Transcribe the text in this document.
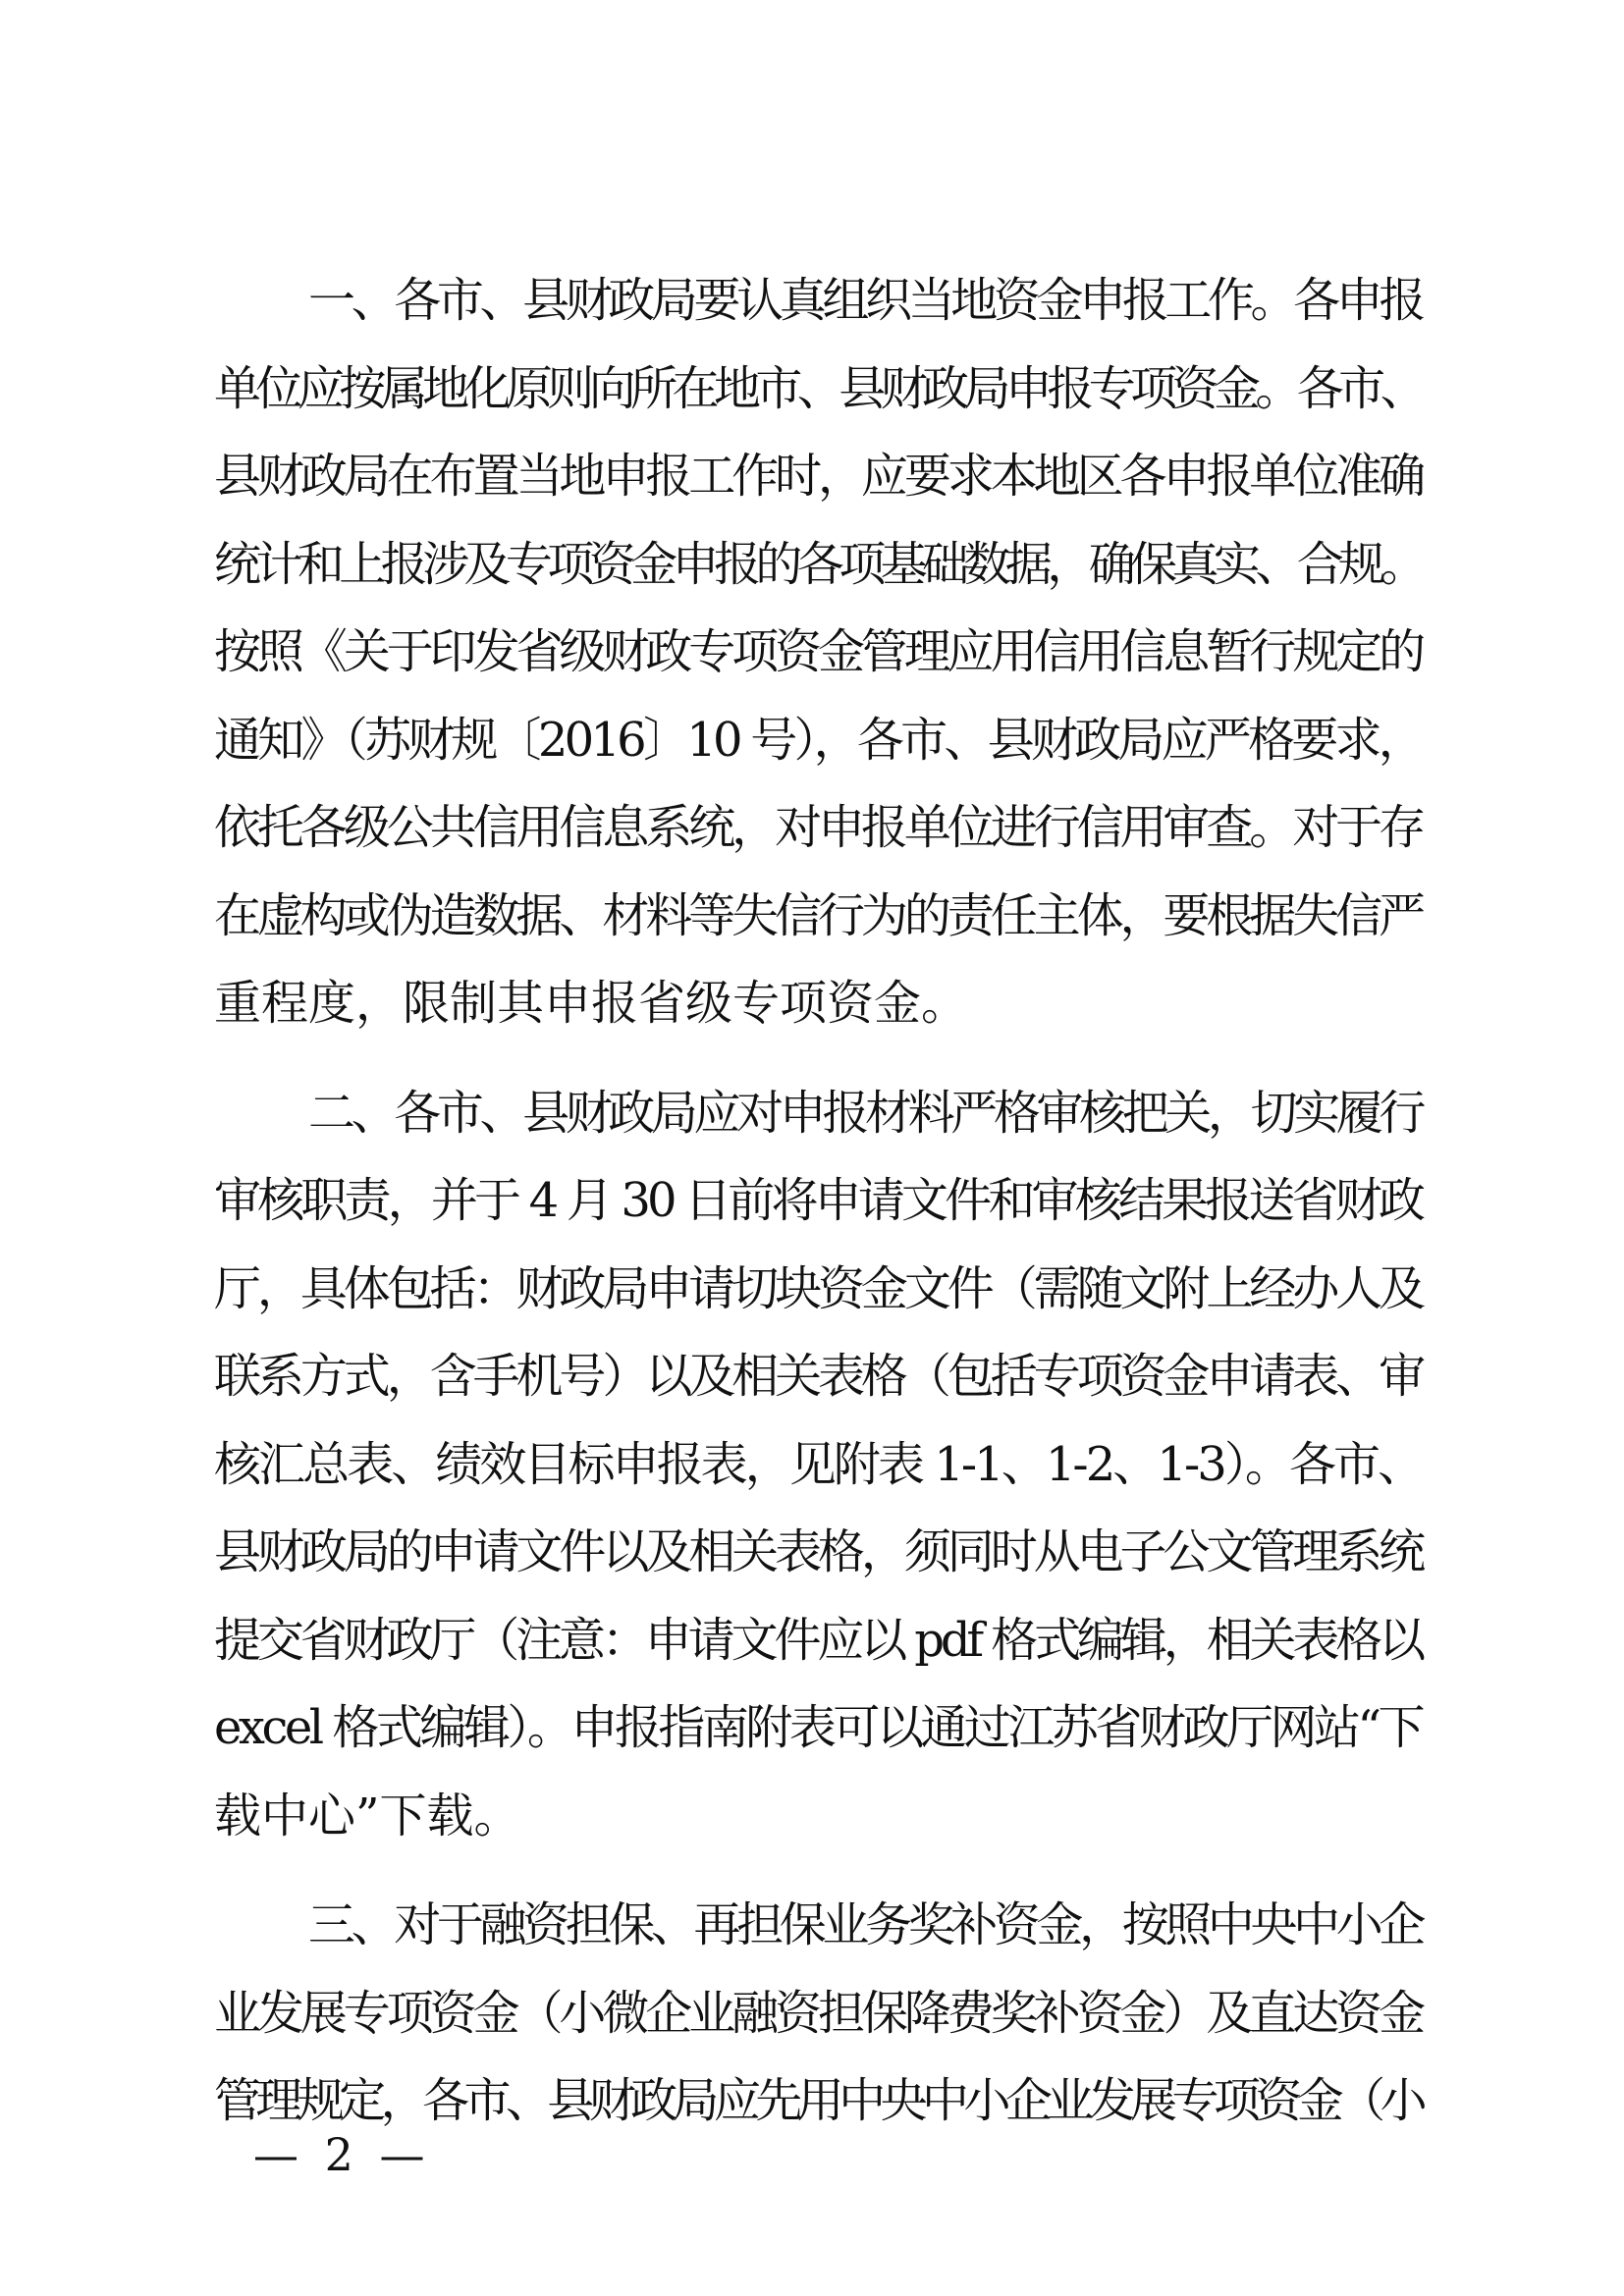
一、各市、县财政局要认真组织当地资金申报工作。各申报
单位应按属地化原则向所在地市、县财政局申报专项资金。各市、
县财政局在布置当地申报工作时，应要求本地区各申报单位准确
统计和上报涉及专项资金申报的各项基础数据，确保真实、合规。
按照《关于印发省级财政专项资金管理应用信用信息暂行规定的
通知》（苏财规〔2016〕10 号），各市、县财政局应严格要求，
依托各级公共信用信息系统，对申报单位进行信用审查。对于存
在虚构或伪造数据、材料等失信行为的责任主体，要根据失信严
重程度，限制其申报省级专项资金。

二、各市、县财政局应对申报材料严格审核把关，切实履行
审核职责，并于 4 月 30 日前将申请文件和审核结果报送省财政
厅，具体包括：财政局申请切块资金文件（需随文附上经办人及
联系方式，含手机号）以及相关表格（包括专项资金申请表、审
核汇总表、绩效目标申报表，见附表 1-1、1-2、1-3）。各市、
县财政局的申请文件以及相关表格，须同时从电子公文管理系统
提交省财政厅（注意：申请文件应以 pdf 格式编辑，相关表格以
excel 格式编辑）。申报指南附表可以通过江苏省财政厅网站“下
载中心”下载。

三、对于融资担保、再担保业务奖补资金，按照中央中小企
业发展专项资金（小微企业融资担保降费奖补资金）及直达资金
管理规定，各市、县财政局应先用中央中小企业发展专项资金（小

— 2 —
